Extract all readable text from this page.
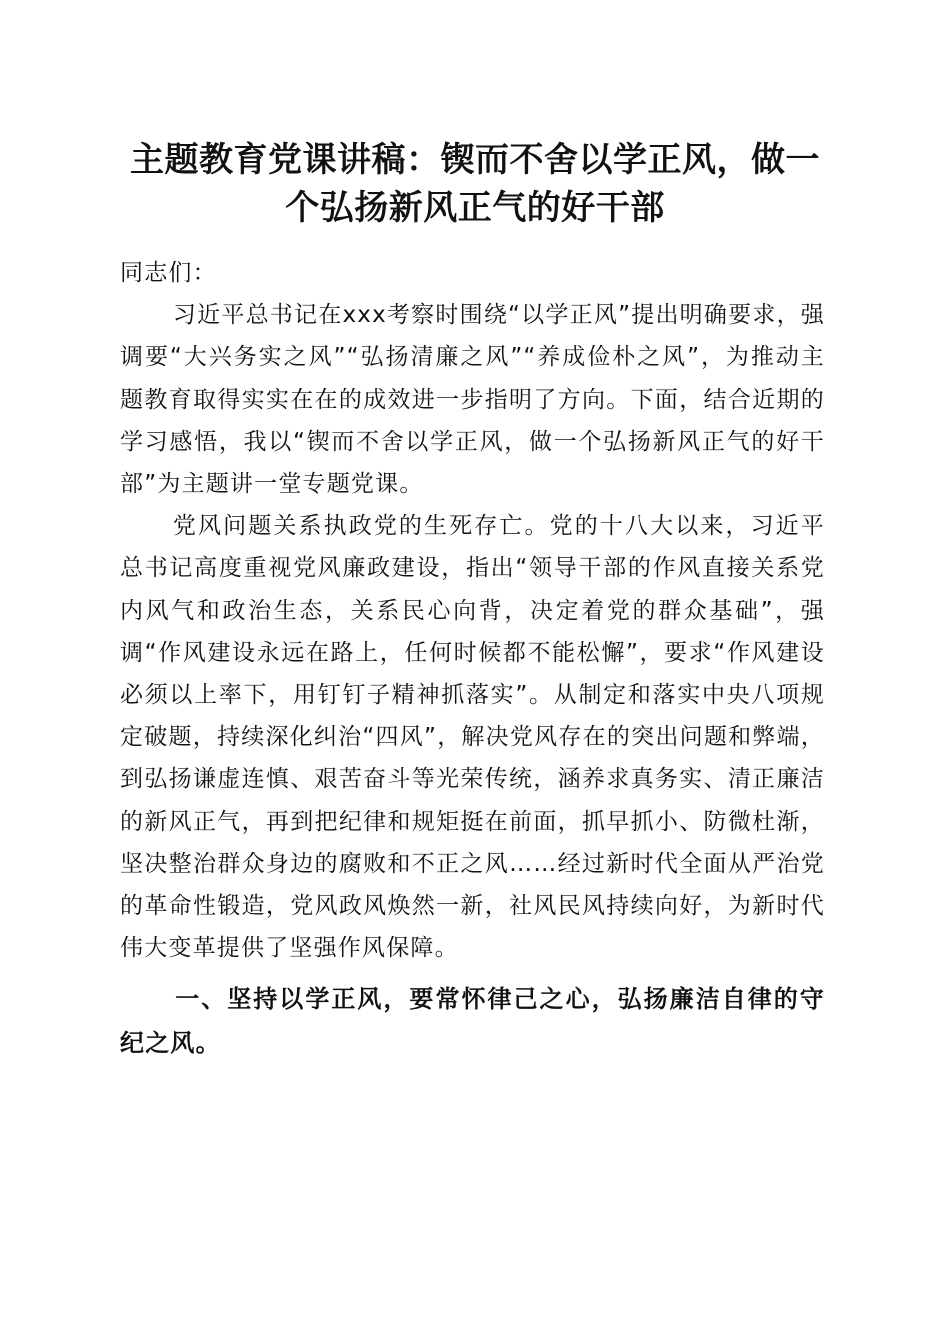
主题教育党课讲稿：锲而不舍以学正风，做一
个弘扬新风正气的好干部

同志们：

习近平总书记在xxx考察时围绕“以学正风”提出明确要求，强调要“大兴务实之风”“弘扬清廉之风”“养成俭朴之风”，为推动主题教育取得实实在在的成效进一步指明了方向。下面，结合近期的学习感悟，我以“锲而不舍以学正风，做一个弘扬新风正气的好干部”为主题讲一堂专题党课。

党风问题关系执政党的生死存亡。党的十八大以来，习近平总书记高度重视党风廉政建设，指出“领导干部的作风直接关系党内风气和政治生态，关系民心向背，决定着党的群众基础”，强调“作风建设永远在路上，任何时候都不能松懈”，要求“作风建设必须以上率下，用钉钉子精神抓落实”。从制定和落实中央八项规定破题，持续深化纠治“四风”，解决党风存在的突出问题和弊端，到弘扬谦虚连慎、艰苦奋斗等光荣传统，涵养求真务实、清正廉洁的新风正气，再到把纪律和规矩挺在前面，抓早抓小、防微杜渐，坚决整治群众身边的腐败和不正之风……经过新时代全面从严治党的革命性锻造，党风政风焕然一新，社风民风持续向好，为新时代伟大变革提供了坚强作风保障。

一、坚持以学正风，要常怀律己之心，弘扬廉洁自律的守纪之风。
